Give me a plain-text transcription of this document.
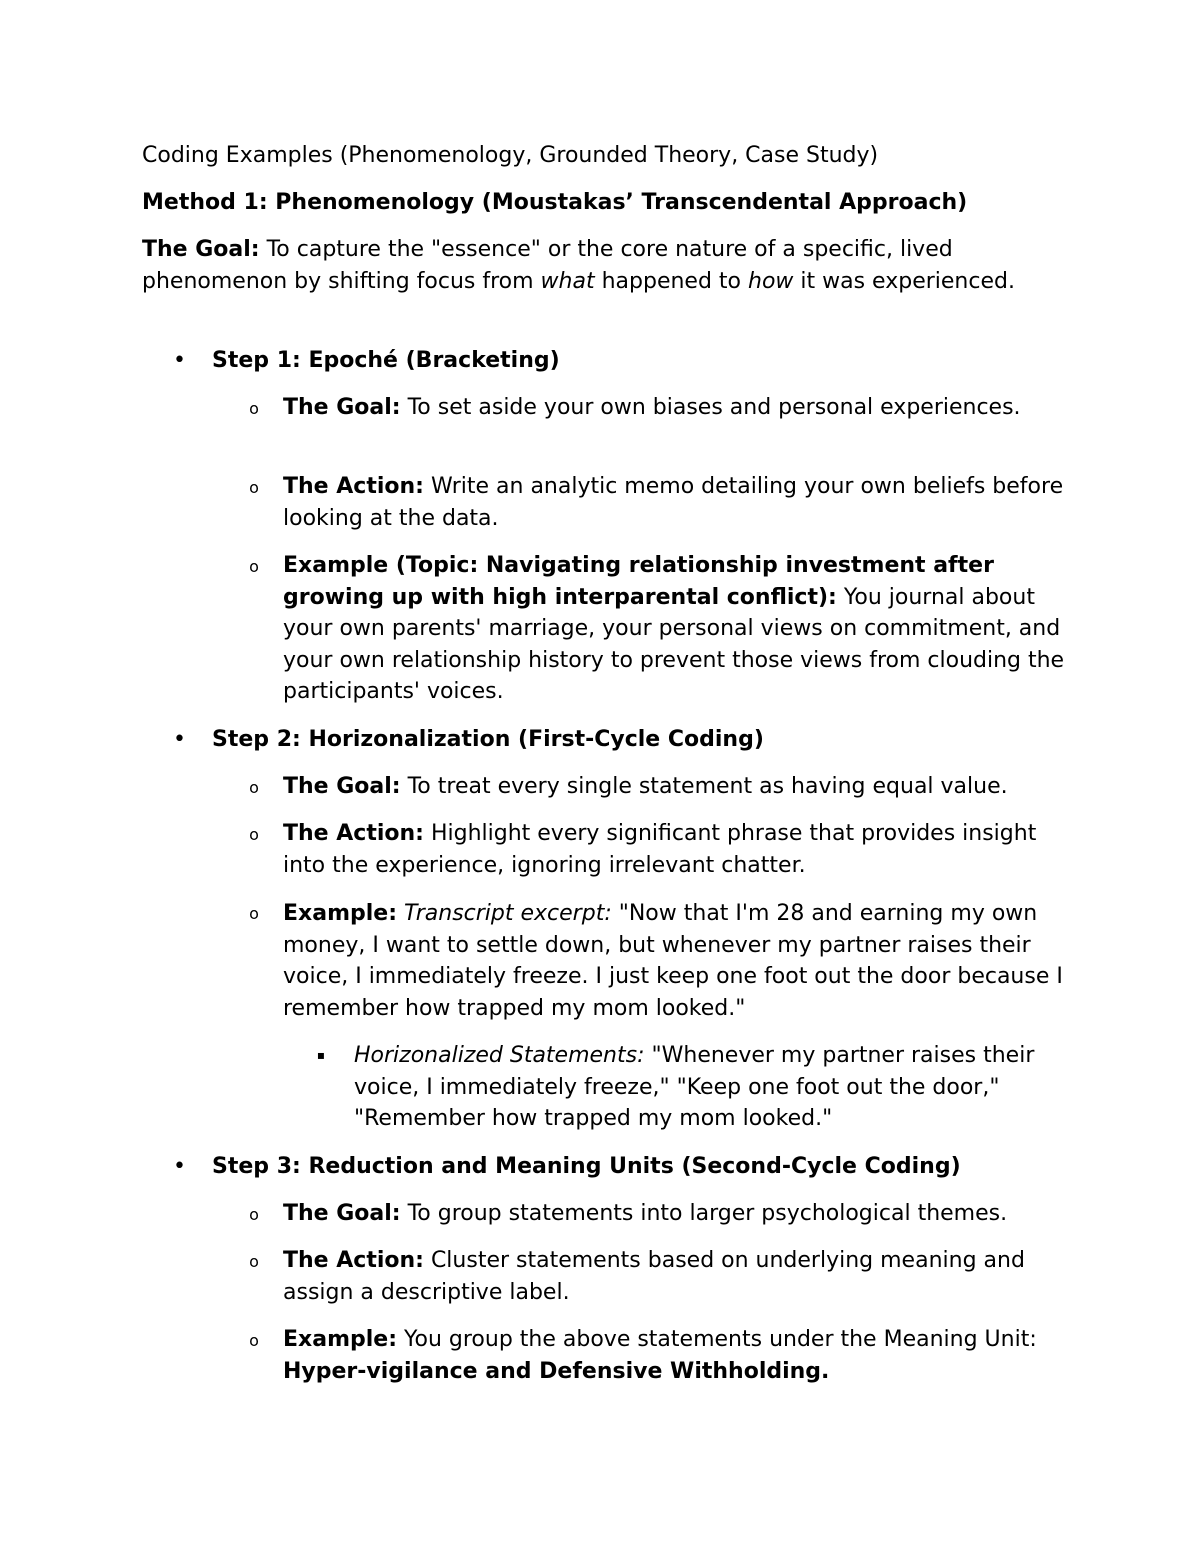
Coding Examples (Phenomenology, Grounded Theory, Case Study)

Method 1: Phenomenology (Moustakas’ Transcendental Approach)

The Goal: To capture the "essence" or the core nature of a specific, lived phenomenon by shifting focus from what happened to how it was experienced.

• Step 1: Epoché (Bracketing)

o The Goal: To set aside your own biases and personal experiences.

o The Action: Write an analytic memo detailing your own beliefs before looking at the data.

o Example (Topic: Navigating relationship investment after growing up with high interparental conflict): You journal about your own parents' marriage, your personal views on commitment, and your own relationship history to prevent those views from clouding the participants' voices.

• Step 2: Horizonalization (First-Cycle Coding)

o The Goal: To treat every single statement as having equal value.

o The Action: Highlight every significant phrase that provides insight into the experience, ignoring irrelevant chatter.

o Example: Transcript excerpt: "Now that I'm 28 and earning my own money, I want to settle down, but whenever my partner raises their voice, I immediately freeze. I just keep one foot out the door because I remember how trapped my mom looked."

▪ Horizonalized Statements: "Whenever my partner raises their voice, I immediately freeze," "Keep one foot out the door," "Remember how trapped my mom looked."

• Step 3: Reduction and Meaning Units (Second-Cycle Coding)

o The Goal: To group statements into larger psychological themes.

o The Action: Cluster statements based on underlying meaning and assign a descriptive label.

o Example: You group the above statements under the Meaning Unit: Hyper-vigilance and Defensive Withholding.
